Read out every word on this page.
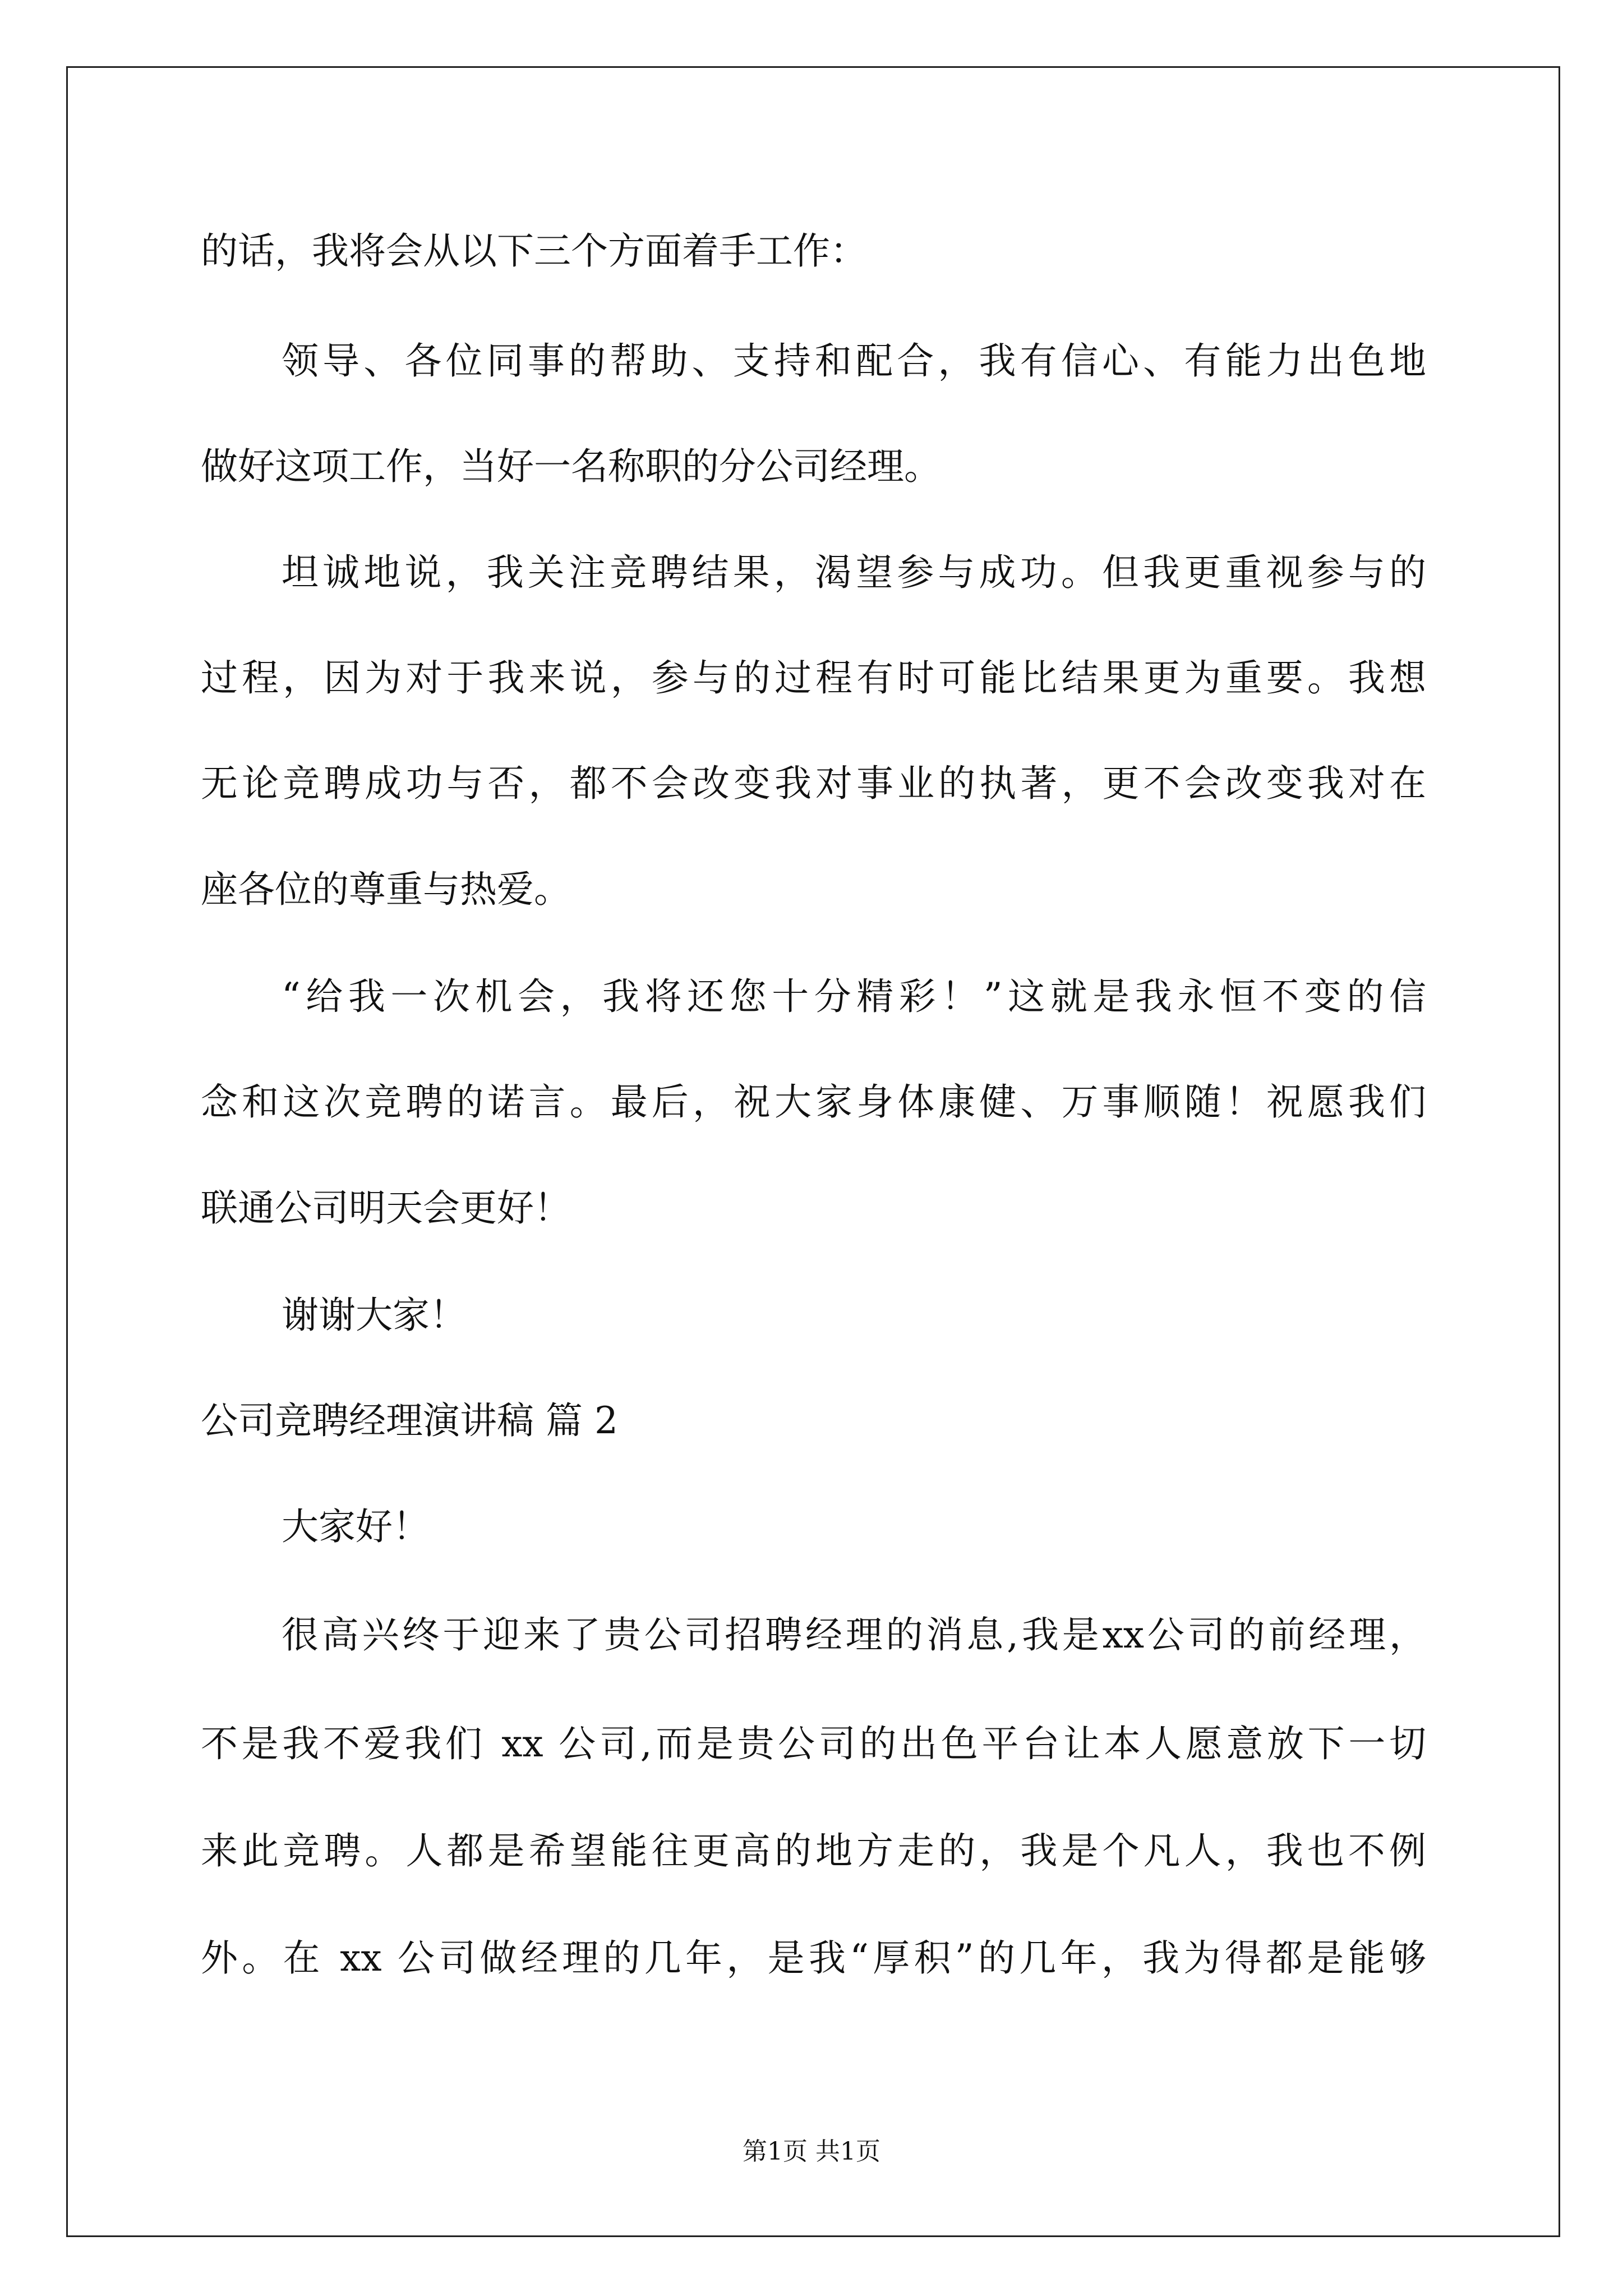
的话，我将会从以下三个方面着手工作：
领导、各位同事的帮助、支持和配合，我有信心、有能力出色地
做好这项工作，当好一名称职的分公司经理。
坦诚地说，我关注竞聘结果，渴望参与成功。但我更重视参与的
过程，因为对于我来说，参与的过程有时可能比结果更为重要。我想
无论竞聘成功与否，都不会改变我对事业的执著，更不会改变我对在
座各位的尊重与热爱。
“给我一次机会，我将还您十分精彩！”这就是我永恒不变的信
念和这次竞聘的诺言。最后，祝大家身体康健、万事顺随！祝愿我们
联通公司明天会更好！
谢谢大家！
公司竞聘经理演讲稿 篇 2
大家好！
很高兴终于迎来了贵公司招聘经理的消息,我是xx公司的前经理，
不是我不爱我们 xx 公司,而是贵公司的出色平台让本人愿意放下一切
来此竞聘。人都是希望能往更高的地方走的，我是个凡人，我也不例
外。在 xx 公司做经理的几年，是我“厚积”的几年，我为得都是能够
第1页 共1页
